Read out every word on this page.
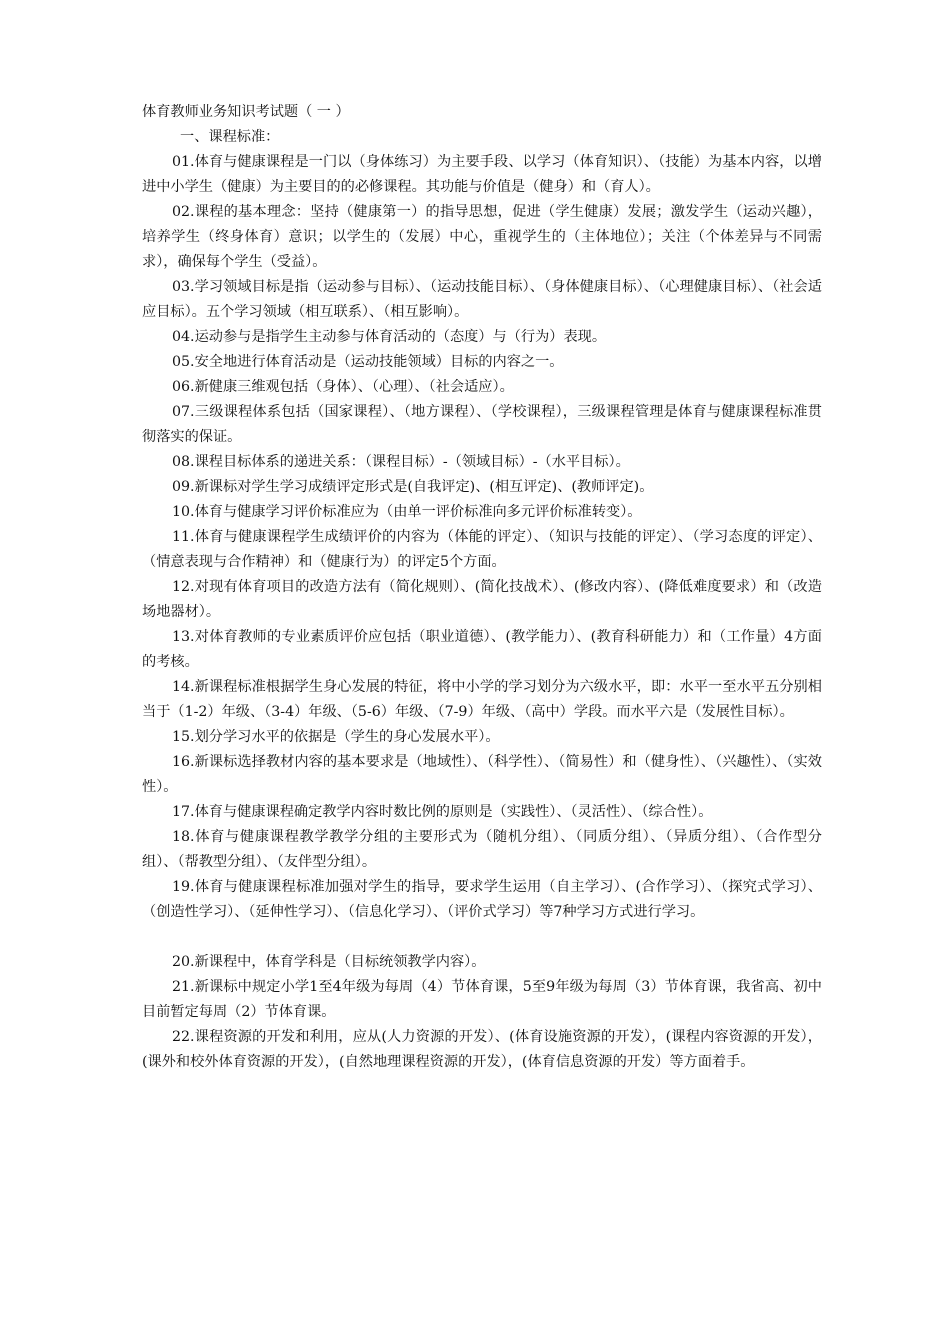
体育教师业务知识考试题（ 一 ）

一、课程标准：

01.体育与健康课程是一门以（身体练习）为主要手段、以学习（体育知识）、（技能）为基本内容，以增进中小学生（健康）为主要目的的必修课程。其功能与价值是（健身）和（育人）。

02.课程的基本理念：坚持（健康第一）的指导思想，促进（学生健康）发展；激发学生（运动兴趣），培养学生（终身体育）意识；以学生的（发展）中心，重视学生的（主体地位）；关注（个体差异与不同需求），确保每个学生（受益）。

03.学习领域目标是指（运动参与目标）、（运动技能目标）、（身体健康目标）、（心理健康目标）、（社会适应目标）。五个学习领域（相互联系）、（相互影响）。

04.运动参与是指学生主动参与体育活动的（态度）与（行为）表现。

05.安全地进行体育活动是（运动技能领域）目标的内容之一。

06.新健康三维观包括（身体）、（心理）、（社会适应）。

07.三级课程体系包括（国家课程）、（地方课程）、（学校课程），三级课程管理是体育与健康课程标准贯彻落实的保证。

08.课程目标体系的递进关系：（课程目标）-（领域目标）-（水平目标）。

09.新课标对学生学习成绩评定形式是(自我评定)、(相互评定)、(教师评定)。

10.体育与健康学习评价标准应为（由单一评价标准向多元评价标准转变）。

11.体育与健康课程学生成绩评价的内容为（体能的评定）、（知识与技能的评定）、（学习态度的评定）、（情意表现与合作精神）和（健康行为）的评定5个方面。

12.对现有体育项目的改造方法有（简化规则）、(简化技战术）、(修改内容）、(降低难度要求）和（改造场地器材）。

13.对体育教师的专业素质评价应包括（职业道德）、(教学能力）、(教育科研能力）和（工作量）4方面的考核。

14.新课程标准根据学生身心发展的特征，将中小学的学习划分为六级水平，即：水平一至水平五分别相当于（1-2）年级、（3-4）年级、（5-6）年级、（7-9）年级、（高中）学段。而水平六是（发展性目标）。

15.划分学习水平的依据是（学生的身心发展水平）。

16.新课标选择教材内容的基本要求是（地域性）、（科学性）、（简易性）和（健身性）、（兴趣性）、（实效性）。

17.体育与健康课程确定教学内容时数比例的原则是（实践性）、（灵活性）、（综合性）。

18.体育与健康课程教学教学分组的主要形式为（随机分组）、（同质分组）、（异质分组）、（合作型分组）、（帮教型分组）、（友伴型分组）。

19.体育与健康课程标准加强对学生的指导，要求学生运用（自主学习）、(合作学习）、（探究式学习）、（创造性学习）、（延伸性学习）、（信息化学习）、（评价式学习）等7种学习方式进行学习。

20.新课程中，体育学科是（目标统领教学内容）。

21.新课标中规定小学1至4年级为每周（4）节体育课，5至9年级为每周（3）节体育课，我省高、初中目前暂定每周（2）节体育课。

22.课程资源的开发和利用，应从(人力资源的开发）、(体育设施资源的开发），(课程内容资源的开发），(课外和校外体育资源的开发），(自然地理课程资源的开发），(体育信息资源的开发）等方面着手。
